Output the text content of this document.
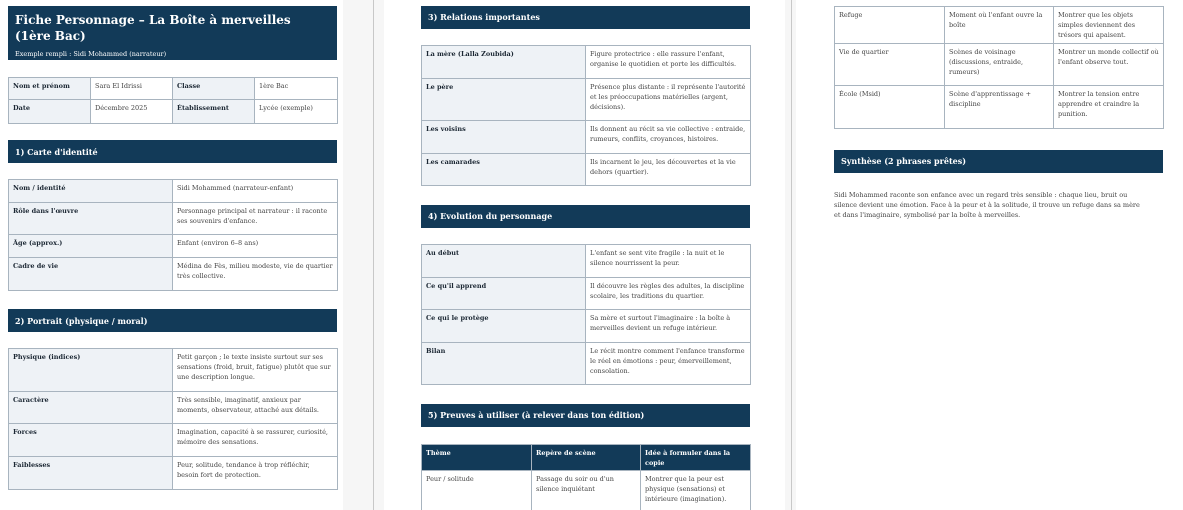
Fiche Personnage – La Boîte à merveilles (1ère Bac)
Exemple rempli : Sidi Mohammed (narrateur)
Nom et prénom	Sara El Idrissi	Classe	1ère Bac
Date	Décembre 2025	Établissement	Lycée (exemple)
1) Carte d'identité
Nom / identité	Sidi Mohammed (narrateur-enfant)
Rôle dans l'œuvre	Personnage principal et narrateur : il raconte ses souvenirs d'enfance.
Âge (approx.)	Enfant (environ 6–8 ans)
Cadre de vie	Médina de Fès, milieu modeste, vie de quartier très collective.
2) Portrait (physique / moral)
Physique (indices)	Petit garçon ; le texte insiste surtout sur ses sensations (froid, bruit, fatigue) plutôt que sur une description longue.
Caractère	Très sensible, imaginatif, anxieux par moments, observateur, attaché aux détails.
Forces	Imagination, capacité à se rassurer, curiosité, mémoire des sensations.
Faiblesses	Peur, solitude, tendance à trop réfléchir, besoin fort de protection.
3) Relations importantes
La mère (Lalla Zoubida)	Figure protectrice : elle rassure l'enfant, organise le quotidien et porte les difficultés.
Le père	Présence plus distante : il représente l'autorité et les préoccupations matérielles (argent, décisions).
Les voisins	Ils donnent au récit sa vie collective : entraide, rumeurs, conflits, croyances, histoires.
Les camarades	Ils incarnent le jeu, les découvertes et la vie dehors (quartier).
4) Evolution du personnage
Au début	L'enfant se sent vite fragile : la nuit et le silence nourrissent la peur.
Ce qu'il apprend	Il découvre les règles des adultes, la discipline scolaire, les traditions du quartier.
Ce qui le protège	Sa mère et surtout l'imaginaire : la boîte à merveilles devient un refuge intérieur.
Bilan	Le récit montre comment l'enfance transforme le réel en émotions : peur, émerveillement, consolation.
5) Preuves à utiliser (à relever dans ton édition)
Thème	Repère de scène	Idée à formuler dans la copie
Peur / solitude	Passage du soir ou d'un silence inquiétant	Montrer que la peur est physique (sensations) et intérieure (imagination).
Refuge	Moment où l'enfant ouvre la boîte	Montrer que les objets simples deviennent des trésors qui apaisent.
Vie de quartier	Scènes de voisinage (discussions, entraide, rumeurs)	Montrer un monde collectif où l'enfant observe tout.
École (Msid)	Scène d'apprentissage + discipline	Montrer la tension entre apprendre et craindre la punition.
Synthèse (2 phrases prêtes)
Sidi Mohammed raconte son enfance avec un regard très sensible : chaque lieu, bruit ou silence devient une émotion. Face à la peur et à la solitude, il trouve un refuge dans sa mère et dans l'imaginaire, symbolisé par la boîte à merveilles.
